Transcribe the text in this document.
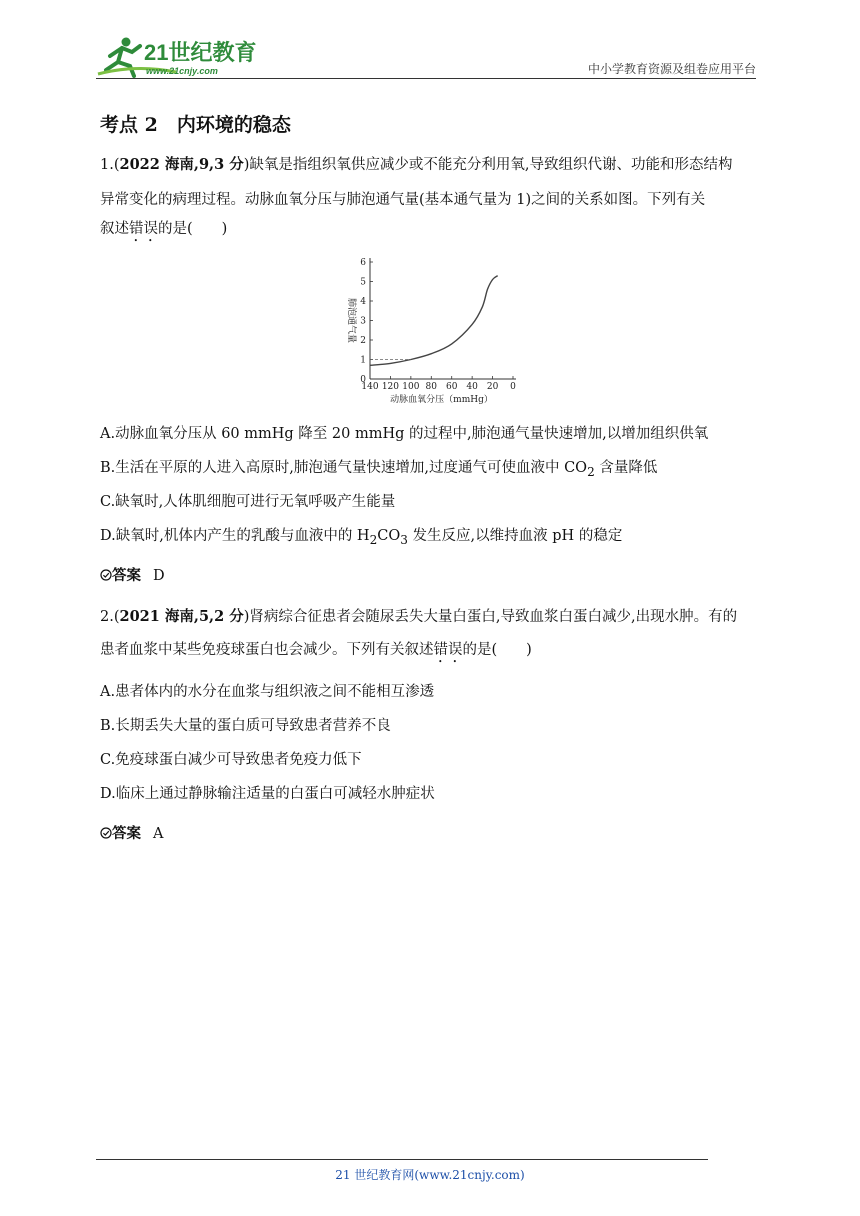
21世纪教育
www.21cnjy.com	中小学教育资源及组卷应用平台
考点 2　内环境的稳态
1.(2022 海南,9,3 分)缺氧是指组织氧供应减少或不能充分利用氧,导致组织代谢、功能和形态结构
异常变化的病理过程。动脉血氧分压与肺泡通气量(基本通气量为 1)之间的关系如图。下列有关
叙述错误的是(　　)
140 120 100 80 60 40 20 0
0
1
2
3
4
5
6
肺泡通气量
动脉血氧分压（mmHg）
A.动脉血氧分压从 60 mmHg 降至 20 mmHg 的过程中,肺泡通气量快速增加,以增加组织供氧
B.生活在平原的人进入高原时,肺泡通气量快速增加,过度通气可使血液中 $CO_2$ 含量降低
C.缺氧时,人体肌细胞可进行无氧呼吸产生能量
D.缺氧时,机体内产生的乳酸与血液中的 $H_2CO_3$ 发生反应,以维持血液 pH 的稳定
答案 D
2.(2021 海南,5,2 分)肾病综合征患者会随尿丢失大量白蛋白,导致血浆白蛋白减少,出现水肿。有的
患者血浆中某些免疫球蛋白也会减少。下列有关叙述错误的是(　　)
A.患者体内的水分在血浆与组织液之间不能相互渗透
B.长期丢失大量的蛋白质可导致患者营养不良
C.免疫球蛋白减少可导致患者免疫力低下
D.临床上通过静脉输注适量的白蛋白可减轻水肿症状
答案 A
21 世纪教育网(www.21cnjy.com)
